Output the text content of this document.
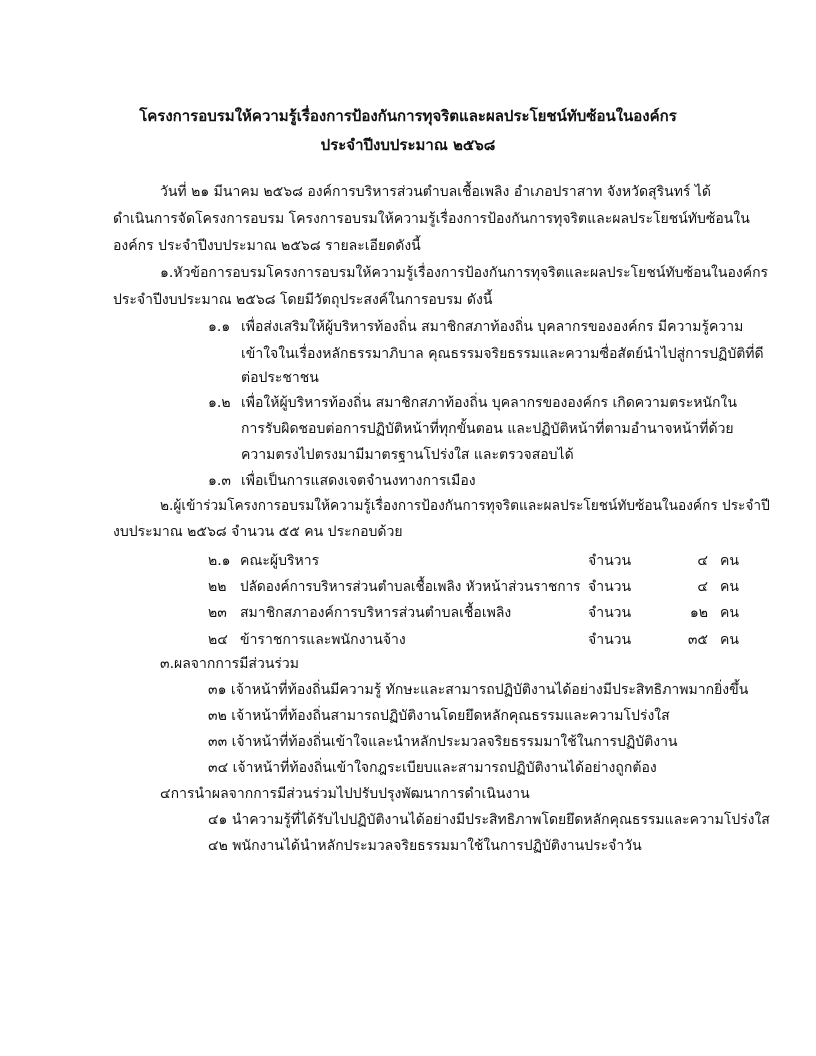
โครงการอบรมให้ความรู้เรื่องการป้องกันการทุจริตและผลประโยชน์ทับซ้อนในองค์กร
ประจำปีงบประมาณ ๒๕๖๘
วันที่ ๒๑ มีนาคม ๒๕๖๘ องค์การบริหารส่วนตำบลเชื้อเพลิง อำเภอปราสาท จังหวัดสุรินทร์ ได้
ดำเนินการจัดโครงการอบรม โครงการอบรมให้ความรู้เรื่องการป้องกันการทุจริตและผลประโยชน์ทับซ้อนใน
องค์กร ประจำปีงบประมาณ ๒๕๖๘ รายละเอียดดังนี้
๑.หัวข้อการอบรมโครงการอบรมให้ความรู้เรื่องการป้องกันการทุจริตและผลประโยชน์ทับซ้อนในองค์กร
ประจำปีงบประมาณ ๒๕๖๘ โดยมีวัตถุประสงค์ในการอบรม ดังนี้
๑.๑ เพื่อส่งเสริมให้ผู้บริหารท้องถิ่น สมาชิกสภาท้องถิ่น บุคลากรขององค์กร มีความรู้ความ
เข้าใจในเรื่องหลักธรรมาภิบาล คุณธรรมจริยธรรมและความซื่อสัตย์นำไปสู่การปฏิบัติที่ดี
ต่อประชาชน
๑.๒ เพื่อให้ผู้บริหารท้องถิ่น สมาชิกสภาท้องถิ่น บุคลากรขององค์กร เกิดความตระหนักใน
การรับผิดชอบต่อการปฏิบัติหน้าที่ทุกขั้นตอน และปฏิบัติหน้าที่ตามอำนาจหน้าที่ด้วย
ความตรงไปตรงมามีมาตรฐานโปร่งใส และตรวจสอบได้
๑.๓ เพื่อเป็นการแสดงเจตจำนงทางการเมือง
๒.ผู้เข้าร่วมโครงการอบรมให้ความรู้เรื่องการป้องกันการทุจริตและผลประโยชน์ทับซ้อนในองค์กร ประจำปี
งบประมาณ ๒๕๖๘ จำนวน ๕๕ คน ประกอบด้วย
๒.๑ คณะผู้บริหาร	จำนวน	๔ คน
๒๒ ปลัดองค์การบริหารส่วนตำบลเชื้อเพลิง หัวหน้าส่วนราชการ จำนวน	๔ คน
๒๓ สมาชิกสภาองค์การบริหารส่วนตำบลเชื้อเพลิง	จำนวน	๑๒ คน
๒๔ ข้าราชการและพนักงานจ้าง	จำนวน	๓๕ คน
๓.ผลจากการมีส่วนร่วม
๓๑ เจ้าหน้าที่ท้องถิ่นมีความรู้ ทักษะและสามารถปฏิบัติงานได้อย่างมีประสิทธิภาพมากยิ่งขึ้น
๓๒ เจ้าหน้าที่ท้องถิ่นสามารถปฏิบัติงานโดยยึดหลักคุณธรรมและความโปร่งใส
๓๓ เจ้าหน้าที่ท้องถิ่นเข้าใจและนำหลักประมวลจริยธรรมมาใช้ในการปฏิบัติงาน
๓๔ เจ้าหน้าที่ท้องถิ่นเข้าใจกฎระเบียบและสามารถปฏิบัติงานได้อย่างถูกต้อง
๔การนำผลจากการมีส่วนร่วมไปปรับปรุงพัฒนาการดำเนินงาน
๔๑ นำความรู้ที่ได้รับไปปฏิบัติงานได้อย่างมีประสิทธิภาพโดยยึดหลักคุณธรรมและความโปร่งใส
๔๒ พนักงานได้นำหลักประมวลจริยธรรมมาใช้ในการปฏิบัติงานประจำวัน
